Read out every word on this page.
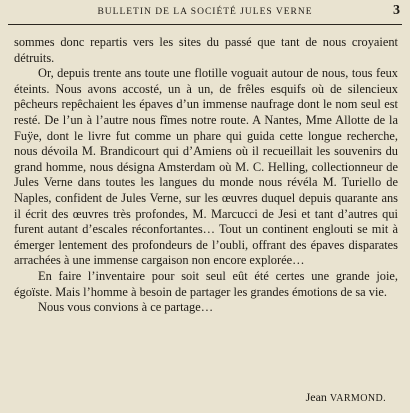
BULLETIN DE LA SOCIÉTÉ JULES VERNE	3

sommes donc repartis vers les sites du passé que tant de nous croyaient détruits.

Or, depuis trente ans toute une flotille voguait autour de nous, tous feux éteints. Nous avons accosté, un à un, de frêles esquifs où de silencieux pêcheurs repêchaient les épaves d’un immense naufrage dont le nom seul est resté. De l’un à l’autre nous fîmes notre route. A Nantes, Mme Allotte de la Fuÿe, dont le livre fut comme un phare qui guida cette longue recherche, nous dévoila M. Brandicourt qui d’Amiens où il recueillait les souvenirs du grand homme, nous désigna Amsterdam où M. C. Helling, collectionneur de Jules Verne dans toutes les langues du monde nous révéla M. Turiello de Naples, confident de Jules Verne, sur les œuvres duquel depuis quarante ans il écrit des œuvres très profondes, M. Marcucci de Jesi et tant d’autres qui furent autant d’escales réconfortantes… Tout un continent englouti se mit à émerger lentement des profondeurs de l’oubli, offrant des épaves disparates arrachées à une immense cargaison non encore explorée…

En faire l’inventaire pour soit seul eût été certes une grande joie, égoïste. Mais l’homme à besoin de partager les grandes émotions de sa vie.

Nous vous convions à ce partage…

Jean VARMOND.
